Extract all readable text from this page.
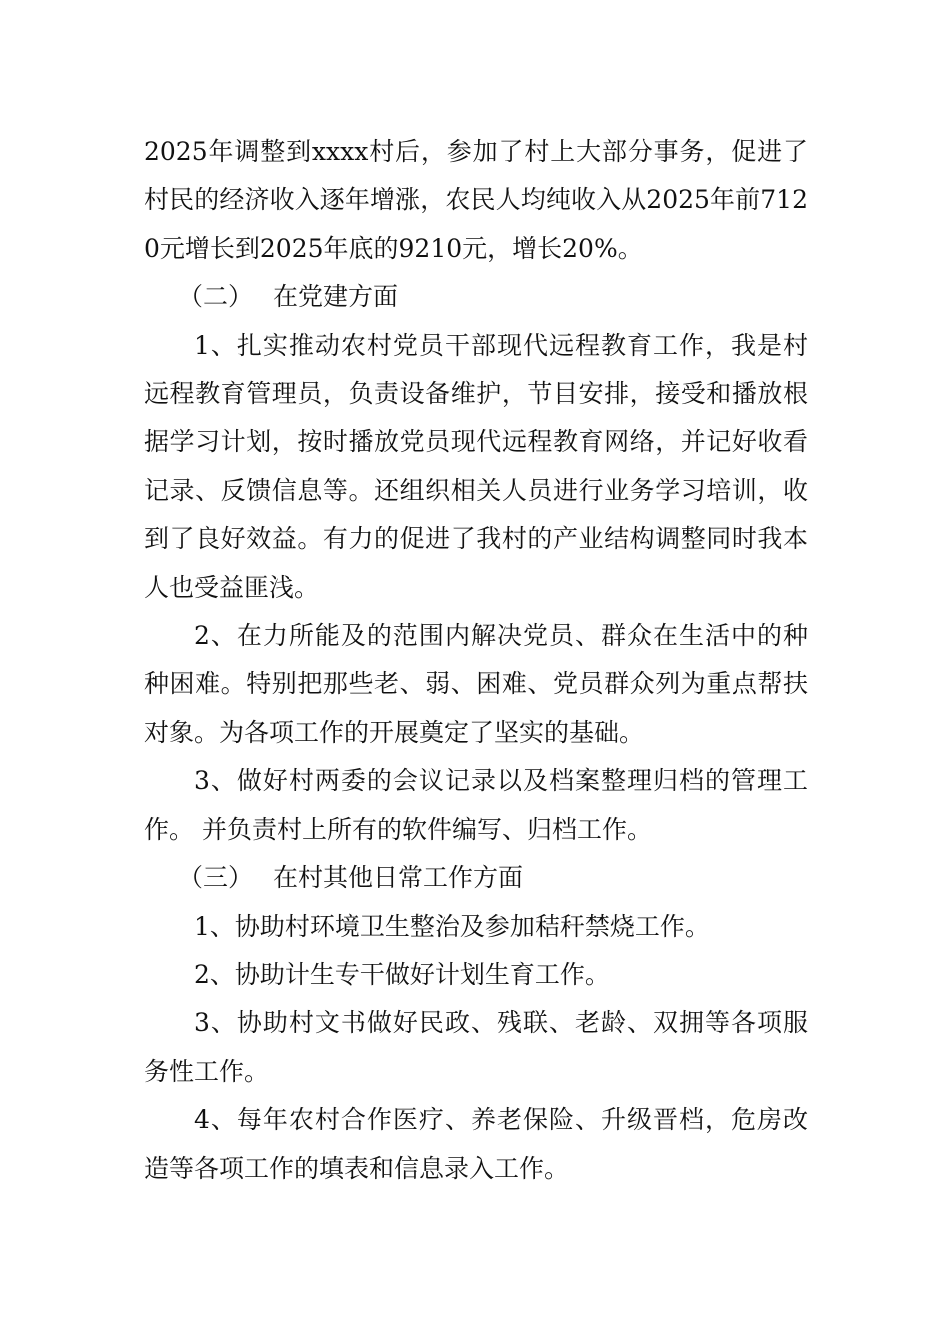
2025年调整到xxxx村后，参加了村上大部分事务，促进了村民的经济收入逐年增涨，农民人均纯收入从2025年前7120元增长到2025年底的9210元，增长20%。

（二） 在党建方面

1、扎实推动农村党员干部现代远程教育工作，我是村远程教育管理员，负责设备维护，节目安排，接受和播放根据学习计划，按时播放党员现代远程教育网络，并记好收看记录、反馈信息等。还组织相关人员进行业务学习培训，收到了良好效益。有力的促进了我村的产业结构调整同时我本人也受益匪浅。

2、在力所能及的范围内解决党员、群众在生活中的种种困难。特别把那些老、弱、困难、党员群众列为重点帮扶对象。为各项工作的开展奠定了坚实的基础。

3、做好村两委的会议记录以及档案整理归档的管理工作。 并负责村上所有的软件编写、归档工作。

（三） 在村其他日常工作方面

1、协助村环境卫生整治及参加秸秆禁烧工作。

2、协助计生专干做好计划生育工作。

3、协助村文书做好民政、残联、老龄、双拥等各项服务性工作。

4、每年农村合作医疗、养老保险、升级晋档，危房改造等各项工作的填表和信息录入工作。
